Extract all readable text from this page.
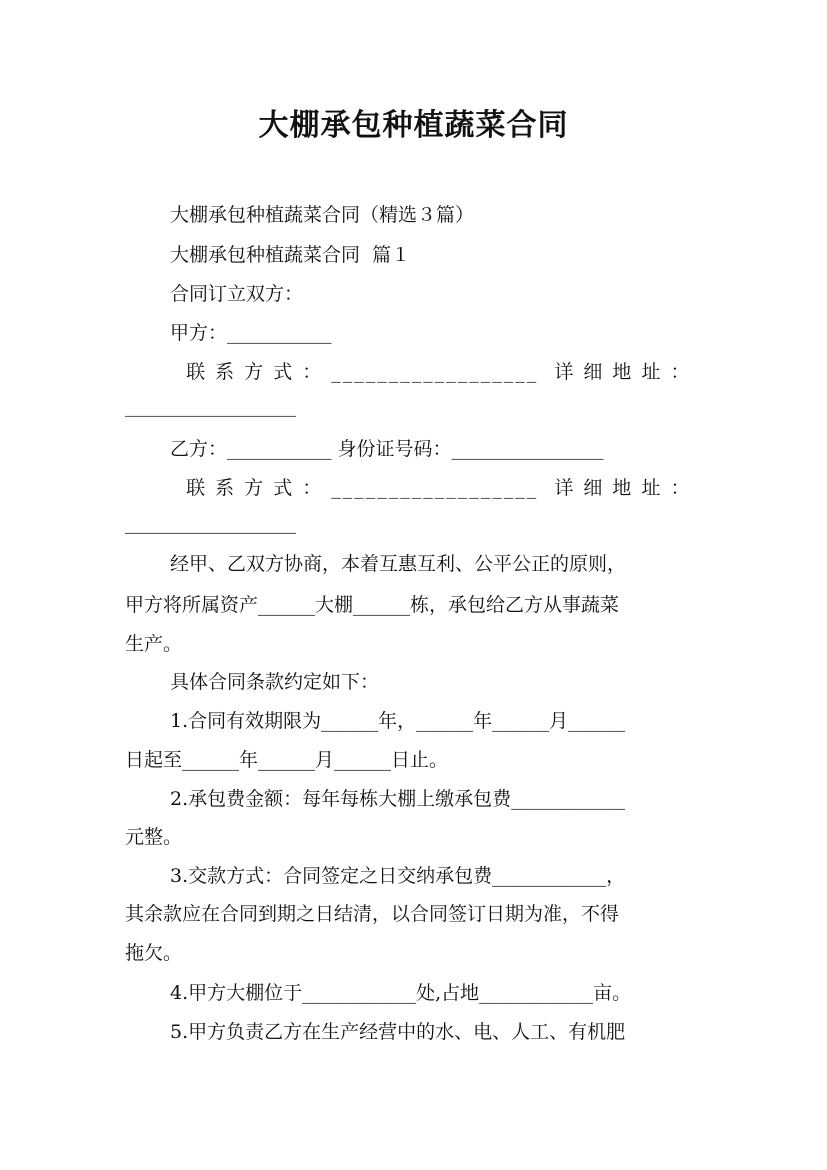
大棚承包种植蔬菜合同

大棚承包种植蔬菜合同（精选３篇）

大棚承包种植蔬菜合同  篇１

合同订立双方：

甲方：___________

联 系 方 式 ： __________________  详 细 地 址 ：

__________________

乙方：___________ 身份证号码：________________

联 系 方 式 ： __________________  详 细 地 址 ：

__________________

经甲、乙双方协商，本着互惠互利、公平公正的原则，

甲方将所属资产______大棚______栋，承包给乙方从事蔬菜

生产。

具体合同条款约定如下：

1.合同有效期限为______年，______年______月______

日起至______年______月______日止。

2.承包费金额：每年每栋大棚上缴承包费____________

元整。

3.交款方式：合同签定之日交纳承包费____________，

其余款应在合同到期之日结清，以合同签订日期为准，不得

拖欠。

4.甲方大棚位于____________处,占地____________亩。

5.甲方负责乙方在生产经营中的水、电、人工、有机肥
